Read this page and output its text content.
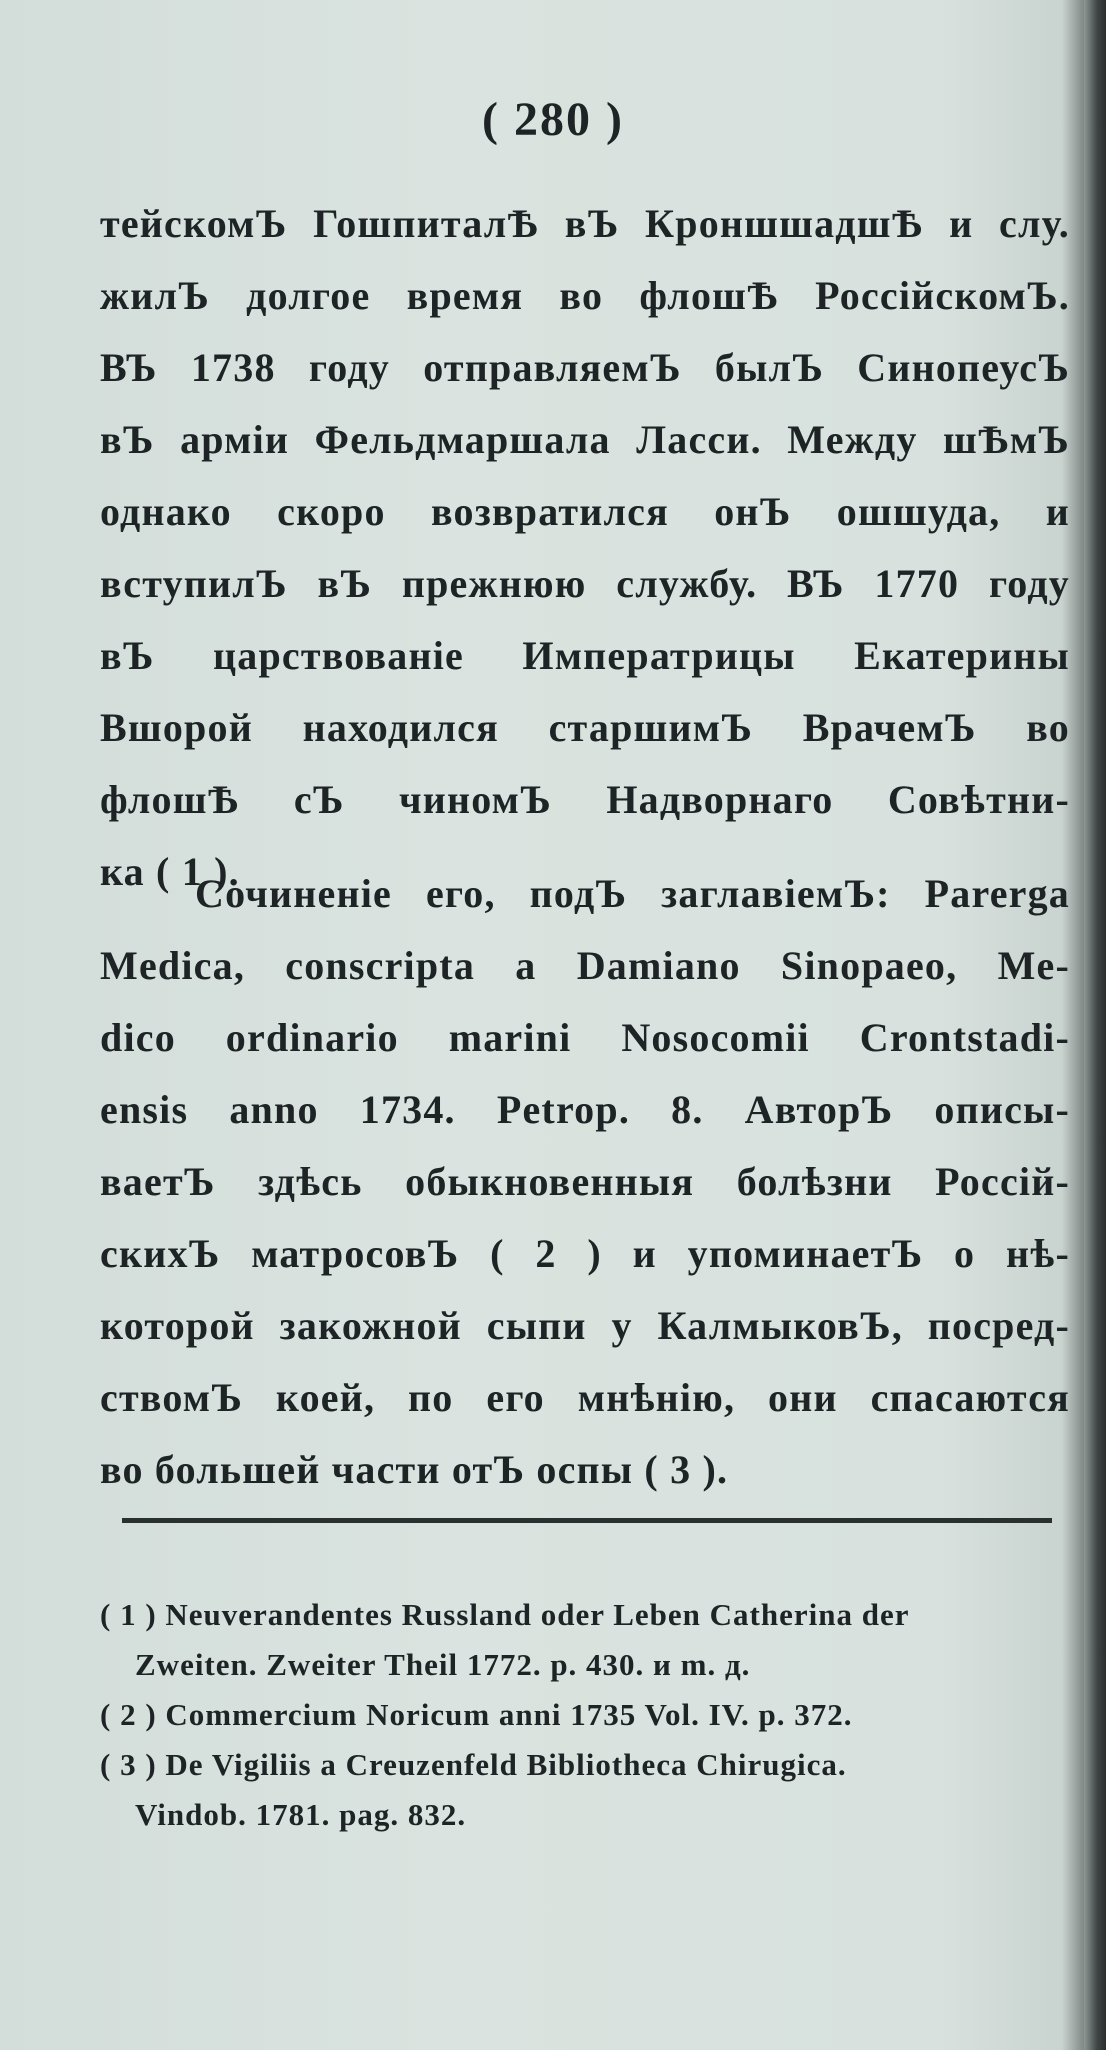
( 280 )

тейскомЪ ГошпиталѢ вЪ КроншшадшѢ и слу.
жилЪ долгое время во флошѢ РоссійскомЪ.
ВЪ 1738 году отправляемЪ былЪ СинопеусЪ
вЪ арміи Фельдмаршала Ласси. Между шѢмЪ
однако скоро возвратился онЪ ошшуда, и
вступилЪ вЪ прежнюю службу. ВЪ 1770 году
вЪ царствованіе Императрицы Екатерины
Вшорой находился старшимЪ ВрачемЪ во
флошѢ сЪ чиномЪ Надворнаго Совѣтни-
ка ( 1 ).

Сочиненіе его, подЪ заглавіемЪ: Parerga
Medica, conscripta a Damiano Sinopaeo, Me-
dico ordinario marini Nosocomii Crontstadi-
ensis anno 1734. Petrop. 8. АвторЪ описы-
ваетЪ здѣсь обыкновенныя болѣзни Россій-
скихЪ матросовЪ ( 2 ) и упоминаетЪ о нѣ-
которой закожной сыпи у КалмыковЪ, посред-
ствомЪ коей, по его мнѣнію, они спасаются
во большей части отЪ оспы ( 3 ).

( 1 ) Neuverandentes Russland oder Leben Catherina der
Zweiten. Zweiter Theil 1772. p. 430. и m. д.
( 2 ) Commercium Noricum anni 1735 Vol. IV. p. 372.
( 3 ) De Vigiliis a Creuzenfeld Bibliotheca Chirugica.
Vindob. 1781. pag. 832.
